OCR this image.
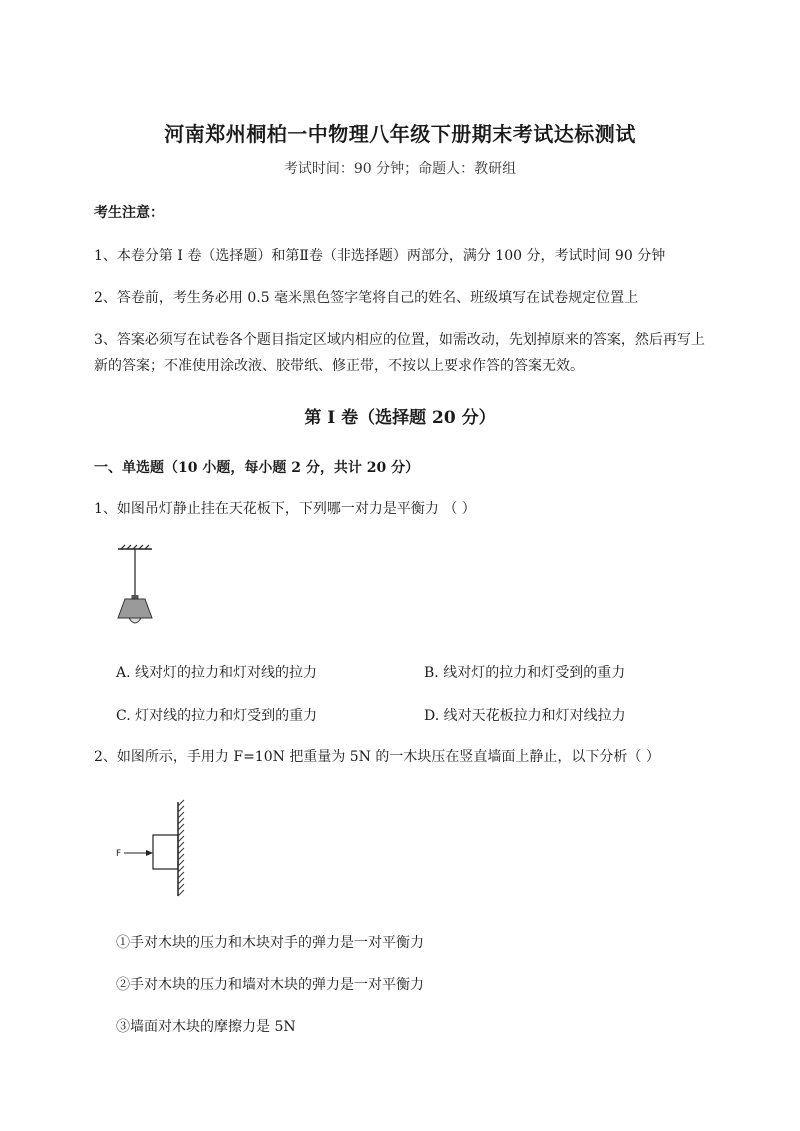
河南郑州桐柏一中物理八年级下册期末考试达标测试
考试时间：90 分钟；命题人：教研组
考生注意：
1、本卷分第 I 卷（选择题）和第Ⅱ卷（非选择题）两部分，满分 100 分，考试时间 90 分钟
2、答卷前，考生务必用 0.5 毫米黑色签字笔将自己的姓名、班级填写在试卷规定位置上
3、答案必须写在试卷各个题目指定区域内相应的位置，如需改动，先划掉原来的答案，然后再写上新的答案；不准使用涂改液、胶带纸、修正带，不按以上要求作答的答案无效。
第 I 卷（选择题 20 分）
一、单选题（10 小题，每小题 2 分，共计 20 分）
1、如图吊灯静止挂在天花板下，下列哪一对力是平衡力 （ ）
A. 线对灯的拉力和灯对线的拉力	B. 线对灯的拉力和灯受到的重力
C. 灯对线的拉力和灯受到的重力	D. 线对天花板拉力和灯对线拉力
2、如图所示，手用力 F=10N 把重量为 5N 的一木块压在竖直墙面上静止，以下分析（ ）
F
①手对木块的压力和木块对手的弹力是一对平衡力
②手对木块的压力和墙对木块的弹力是一对平衡力
③墙面对木块的摩擦力是 5N
